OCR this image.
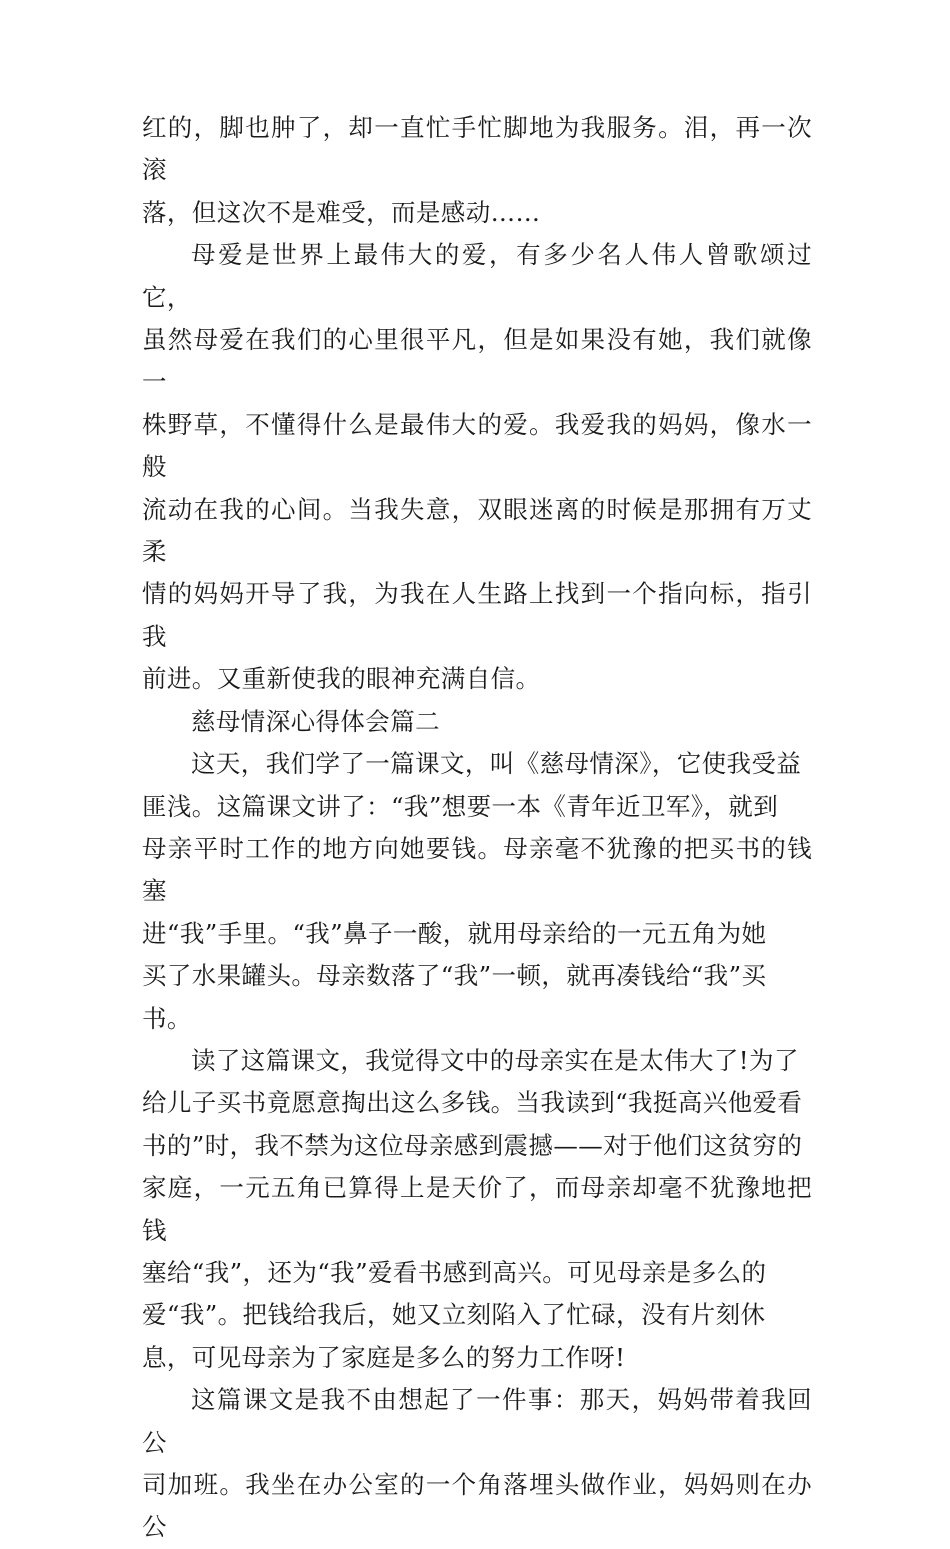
红的，脚也肿了，却一直忙手忙脚地为我服务。泪，再一次滚
落，但这次不是难受，而是感动……
母爱是世界上最伟大的爱，有多少名人伟人曾歌颂过它，
虽然母爱在我们的心里很平凡，但是如果没有她，我们就像一
株野草，不懂得什么是最伟大的爱。我爱我的妈妈，像水一般
流动在我的心间。当我失意，双眼迷离的时候是那拥有万丈柔
情的妈妈开导了我，为我在人生路上找到一个指向标，指引我
前进。又重新使我的眼神充满自信。
慈母情深心得体会篇二
这天，我们学了一篇课文，叫《慈母情深》，它使我受益
匪浅。这篇课文讲了：“我”想要一本《青年近卫军》，就到
母亲平时工作的地方向她要钱。母亲毫不犹豫的把买书的钱塞
进“我”手里。“我”鼻子一酸，就用母亲给的一元五角为她
买了水果罐头。母亲数落了“我”一顿，就再凑钱给“我”买
书。
读了这篇课文，我觉得文中的母亲实在是太伟大了!为了
给儿子买书竟愿意掏出这么多钱。当我读到“我挺高兴他爱看
书的”时，我不禁为这位母亲感到震撼——对于他们这贫穷的
家庭，一元五角已算得上是天价了，而母亲却毫不犹豫地把钱
塞给“我”，还为“我”爱看书感到高兴。可见母亲是多么的
爱“我”。把钱给我后，她又立刻陷入了忙碌，没有片刻休
息，可见母亲为了家庭是多么的努力工作呀!
这篇课文是我不由想起了一件事：那天，妈妈带着我回公
司加班。我坐在办公室的一个角落埋头做作业，妈妈则在办公
